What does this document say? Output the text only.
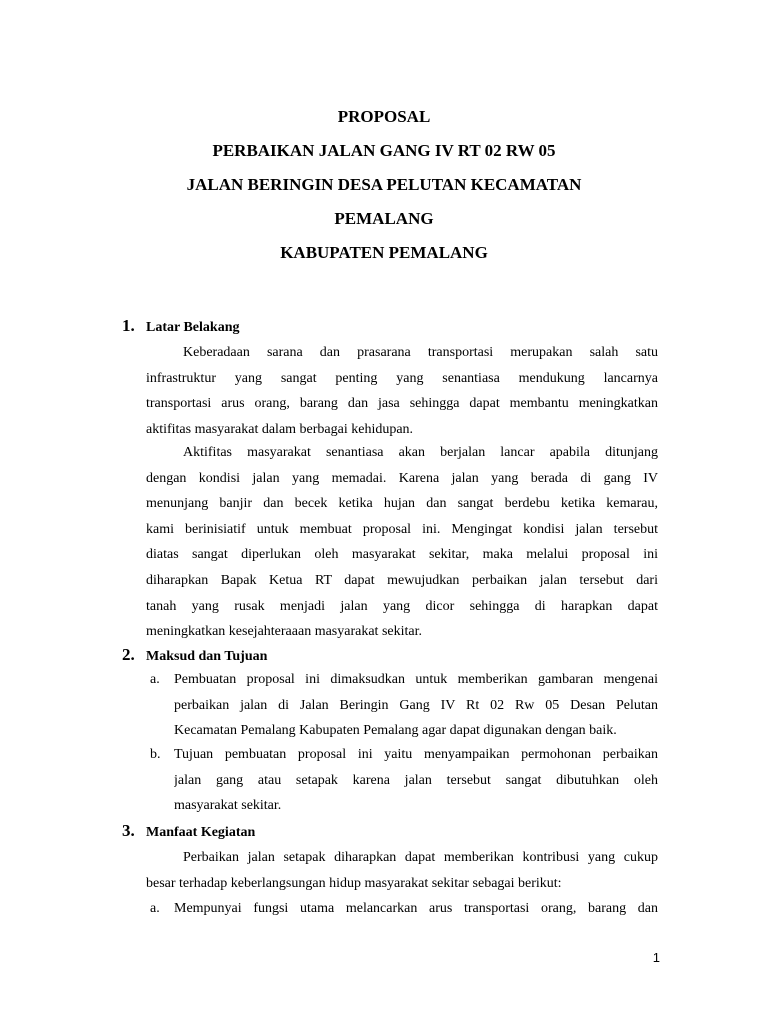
PROPOSAL
PERBAIKAN JALAN GANG IV RT 02 RW 05
JALAN BERINGIN DESA PELUTAN KECAMATAN
PEMALANG
KABUPATEN PEMALANG
1. Latar Belakang
Keberadaan sarana dan prasarana transportasi merupakan salah satu
infrastruktur yang sangat penting yang senantiasa mendukung lancarnya
transportasi arus orang, barang dan jasa sehingga dapat membantu meningkatkan
aktifitas masyarakat dalam berbagai kehidupan.
Aktifitas masyarakat senantiasa akan berjalan lancar apabila ditunjang
dengan kondisi jalan yang memadai. Karena jalan yang berada di gang IV
menunjang banjir dan becek ketika hujan dan sangat berdebu ketika kemarau,
kami berinisiatif untuk membuat proposal ini. Mengingat kondisi jalan tersebut
diatas sangat diperlukan oleh masyarakat sekitar, maka melalui proposal ini
diharapkan Bapak Ketua RT dapat mewujudkan perbaikan jalan tersebut dari
tanah yang rusak menjadi jalan yang dicor sehingga di harapkan dapat
meningkatkan kesejahteraaan masyarakat sekitar.
2. Maksud dan Tujuan
a.	Pembuatan proposal ini dimaksudkan untuk memberikan gambaran mengenai
perbaikan jalan di Jalan Beringin Gang IV Rt 02 Rw 05 Desan Pelutan
Kecamatan Pemalang Kabupaten Pemalang agar dapat digunakan dengan baik.
b. Tujuan pembuatan proposal ini yaitu menyampaikan permohonan perbaikan
jalan gang atau setapak karena jalan tersebut sangat dibutuhkan oleh
masyarakat sekitar.
3. Manfaat Kegiatan
Perbaikan jalan setapak diharapkan dapat memberikan kontribusi yang cukup
besar terhadap keberlangsungan hidup masyarakat sekitar sebagai berikut:
a.	Mempunyai fungsi utama melancarkan arus transportasi orang, barang dan
1
